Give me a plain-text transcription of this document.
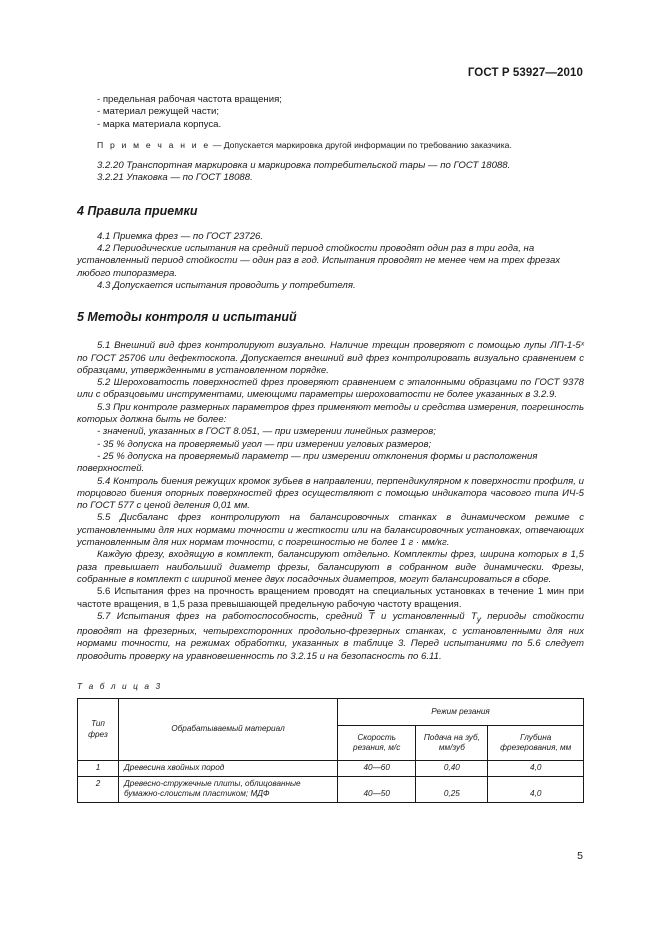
ГОСТ Р 53927—2010

- предельная рабочая частота вращения;

- материал режущей части;

- марка материала корпуса.

П р и м е ч а н и е — Допускается маркировка другой информации по требованию заказчика.

3.2.20 Транспортная маркировка и маркировка потребительской тары — по ГОСТ 18088.

3.2.21 Упаковка — по ГОСТ 18088.

4 Правила приемки

4.1 Приемка фрез — по ГОСТ 23726.

4.2 Периодические испытания на средний период стойкости проводят один раз в три года, на установленный период стойкости — один раз в год. Испытания проводят не менее чем на трех фрезах любого типоразмера.

4.3 Допускается испытания проводить у потребителя.

5 Методы контроля и испытаний

5.1 Внешний вид фрез контролируют визуально. Наличие трещин проверяют с помощью лупы ЛП-1-5ˣ по ГОСТ 25706 или дефектоскопа. Допускается внешний вид фрез контролировать визуально сравнением с образцами, утвержденными в установленном порядке.

5.2 Шероховатость поверхностей фрез проверяют сравнением с эталонными образцами по ГОСТ 9378 или с образцовыми инструментами, имеющими параметры шероховатости не более указанных в 3.2.9.

5.3 При контроле размерных параметров фрез применяют методы и средства измерения, погрешность которых должна быть не более:

- значений, указанных в ГОСТ 8.051, — при измерении линейных размеров;

- 35 % допуска на проверяемый угол — при измерении угловых размеров;

- 25 % допуска на проверяемый параметр — при измерении отклонения формы и расположения поверхностей.

5.4 Контроль биения режущих кромок зубьев в направлении, перпендикулярном к поверхности профиля, и торцового биения опорных поверхностей фрез осуществляют с помощью индикатора часового типа ИЧ-5 по ГОСТ 577 с ценой деления 0,01 мм.

5.5 Дисбаланс фрез контролируют на балансировочных станках в динамическом режиме с установленными для них нормами точности и жесткости или на балансировочных установках, отвечающих установленным для них нормам точности, с погрешностью не более 1 г · мм/кг.

Каждую фрезу, входящую в комплект, балансируют отдельно. Комплекты фрез, ширина которых в 1,5 раза превышает наибольший диаметр фрезы, балансируют в собранном виде динамически. Фрезы, собранные в комплект с шириной менее двух посадочных диаметров, могут балансироваться в сборе.

5.6 Испытания фрез на прочность вращением проводят на специальных установках в течение 1 мин при частоте вращения, в 1,5 раза превышающей предельную рабочую частоту вращения.

5.7 Испытания фрез на работоспособность, средний $\overline{T}$ и установленный $T_y$ периоды стойкости проводят на фрезерных, четырехсторонних продольно-фрезерных станках, с установленными для них нормами точности, на режимах обработки, указанных в таблице 3. Перед испытаниями по 5.6 следует проводить проверку на уравновешенность по 3.2.15 и на безопасность по 6.11.

Т а б л и ц а 3
Тип фрез	Обрабатываемый материал	Режим резания		
		Скорость резания, м/с	Подача на зуб, мм/зуб	Глубина фрезерования, мм
1	Древесина хвойных пород	40—60	0,40	4,0
2	Древесно-стружечные плиты, облицованные бумажно-слоистым пластиком; МДФ	40—50	0,25	4,0
5
